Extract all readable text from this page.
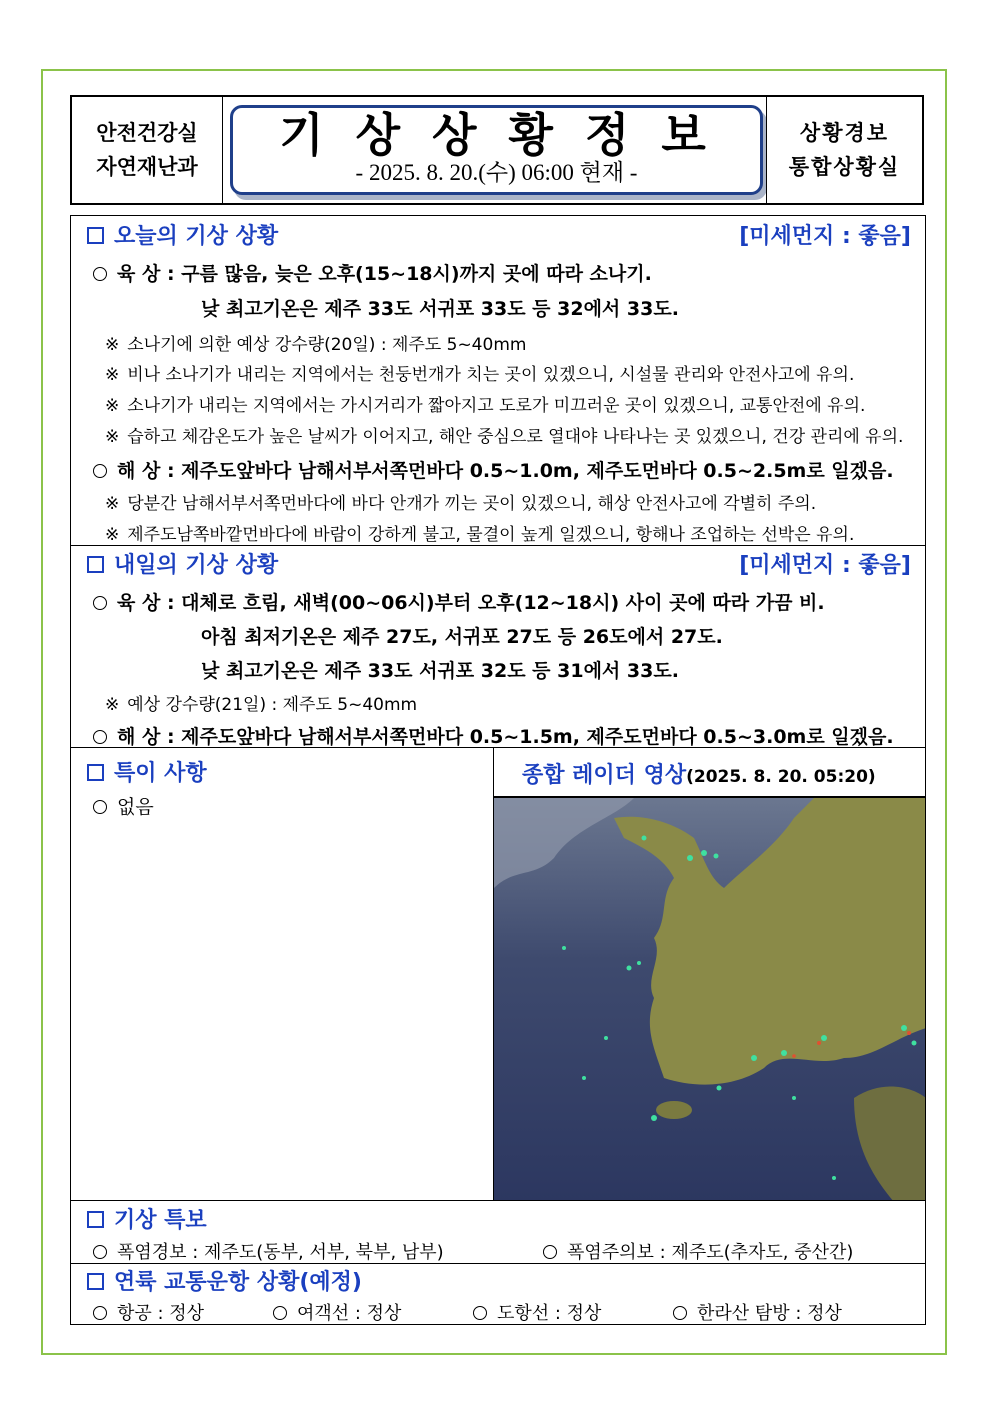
안전건강실
자연재난과
기상상황정보
- 2025. 8. 20.(수) 06:00 현재 -
상황경보
통합상황실
오늘의 기상 상황	[미세먼지 : 좋음]
육 상 : 구름 많음, 늦은 오후(15~18시)까지 곳에 따라 소나기.
낮 최고기온은 제주 33도 서귀포 33도 등 32에서 33도.
※ 소나기에 의한 예상 강수량(20일) : 제주도 5~40mm
※ 비나 소나기가 내리는 지역에서는 천둥번개가 치는 곳이 있겠으니, 시설물 관리와 안전사고에 유의.
※ 소나기가 내리는 지역에서는 가시거리가 짧아지고 도로가 미끄러운 곳이 있겠으니, 교통안전에 유의.
※ 습하고 체감온도가 높은 날씨가 이어지고, 해안 중심으로 열대야 나타나는 곳 있겠으니, 건강 관리에 유의.
해 상 : 제주도앞바다 남해서부서쪽먼바다 0.5~1.0m, 제주도먼바다 0.5~2.5m로 일겠음.
※ 당분간 남해서부서쪽먼바다에 바다 안개가 끼는 곳이 있겠으니, 해상 안전사고에 각별히 주의.
※ 제주도남쪽바깥먼바다에 바람이 강하게 불고, 물결이 높게 일겠으니, 항해나 조업하는 선박은 유의.
내일의 기상 상황	[미세먼지 : 좋음]
육 상 : 대체로 흐림, 새벽(00~06시)부터 오후(12~18시) 사이 곳에 따라 가끔 비.
아침 최저기온은 제주 27도, 서귀포 27도 등 26도에서 27도.
낮 최고기온은 제주 33도 서귀포 32도 등 31에서 33도.
※ 예상 강수량(21일) : 제주도 5~40mm
해 상 : 제주도앞바다 남해서부서쪽먼바다 0.5~1.5m, 제주도먼바다 0.5~3.0m로 일겠음.
특이 사항
없음
종합 레이더 영상(2025. 8. 20. 05:20)
기상 특보
폭염경보 : 제주도(동부, 서부, 북부, 남부)	폭염주의보 : 제주도(추자도, 중산간)
연륙 교통운항 상황(예정)
항공 : 정상	여객선 : 정상	도항선 : 정상	한라산 탐방 : 정상
